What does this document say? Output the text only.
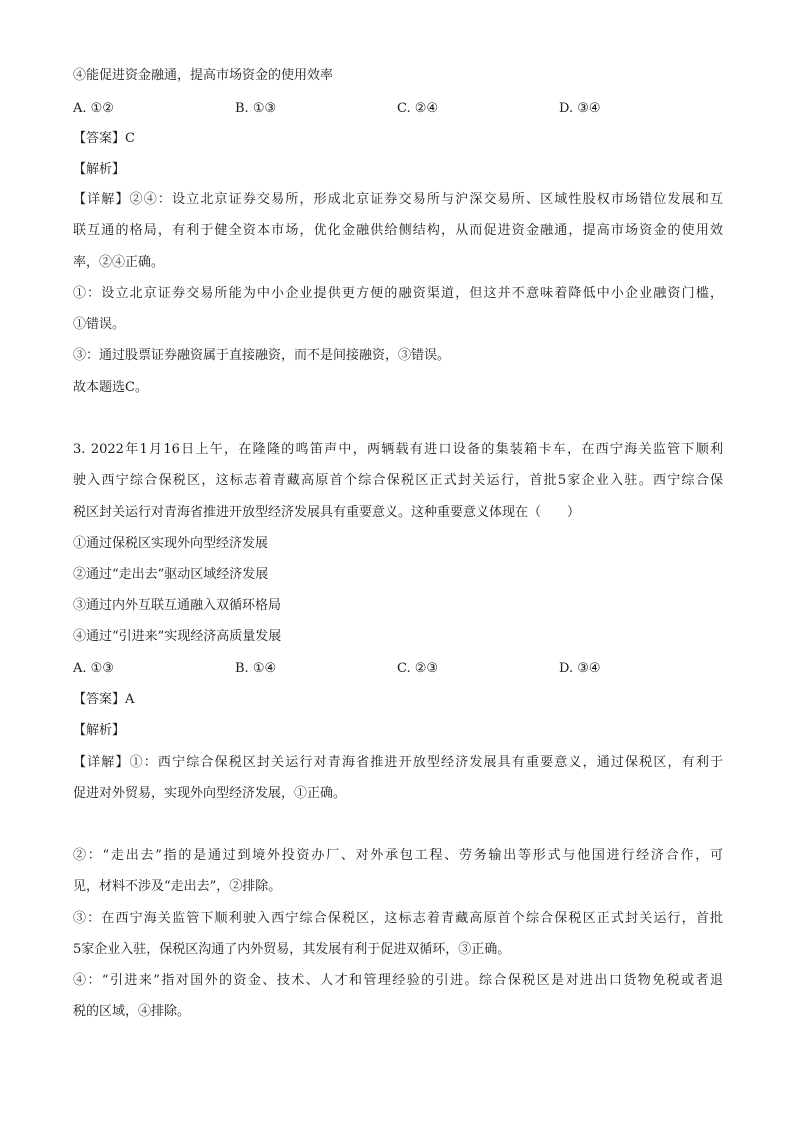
④能促进资金融通，提高市场资金的使用效率
A. ①②	B. ①③	C. ②④	D. ③④
【答案】C
【解析】
【详解】②④：设立北京证券交易所，形成北京证券交易所与沪深交易所、区域性股权市场错位发展和互
联互通的格局，有利于健全资本市场，优化金融供给侧结构，从而促进资金融通，提高市场资金的使用效
率，②④正确。
①：设立北京证券交易所能为中小企业提供更方便的融资渠道，但这并不意味着降低中小企业融资门槛，
①错误。
③：通过股票证券融资属于直接融资，而不是间接融资，③错误。
故本题选C。
3. 2022年1月16日上午，在隆隆的鸣笛声中，两辆载有进口设备的集装箱卡车，在西宁海关监管下顺利
驶入西宁综合保税区，这标志着青藏高原首个综合保税区正式封关运行，首批5家企业入驻。西宁综合保
税区封关运行对青海省推进开放型经济发展具有重要意义。这种重要意义体现在（　　）
①通过保税区实现外向型经济发展
②通过“走出去”驱动区域经济发展
③通过内外互联互通融入双循环格局
④通过“引进来”实现经济高质量发展
A. ①③	B. ①④	C. ②③	D. ③④
【答案】A
【解析】
【详解】①：西宁综合保税区封关运行对青海省推进开放型经济发展具有重要意义，通过保税区，有利于
促进对外贸易，实现外向型经济发展，①正确。
②：“走出去”指的是通过到境外投资办厂、对外承包工程、劳务输出等形式与他国进行经济合作，可
见，材料不涉及“走出去”，②排除。
③：在西宁海关监管下顺利驶入西宁综合保税区，这标志着青藏高原首个综合保税区正式封关运行，首批
5家企业入驻，保税区沟通了内外贸易，其发展有利于促进双循环，③正确。
④：“引进来”指对国外的资金、技术、人才和管理经验的引进。综合保税区是对进出口货物免税或者退
税的区域，④排除。
